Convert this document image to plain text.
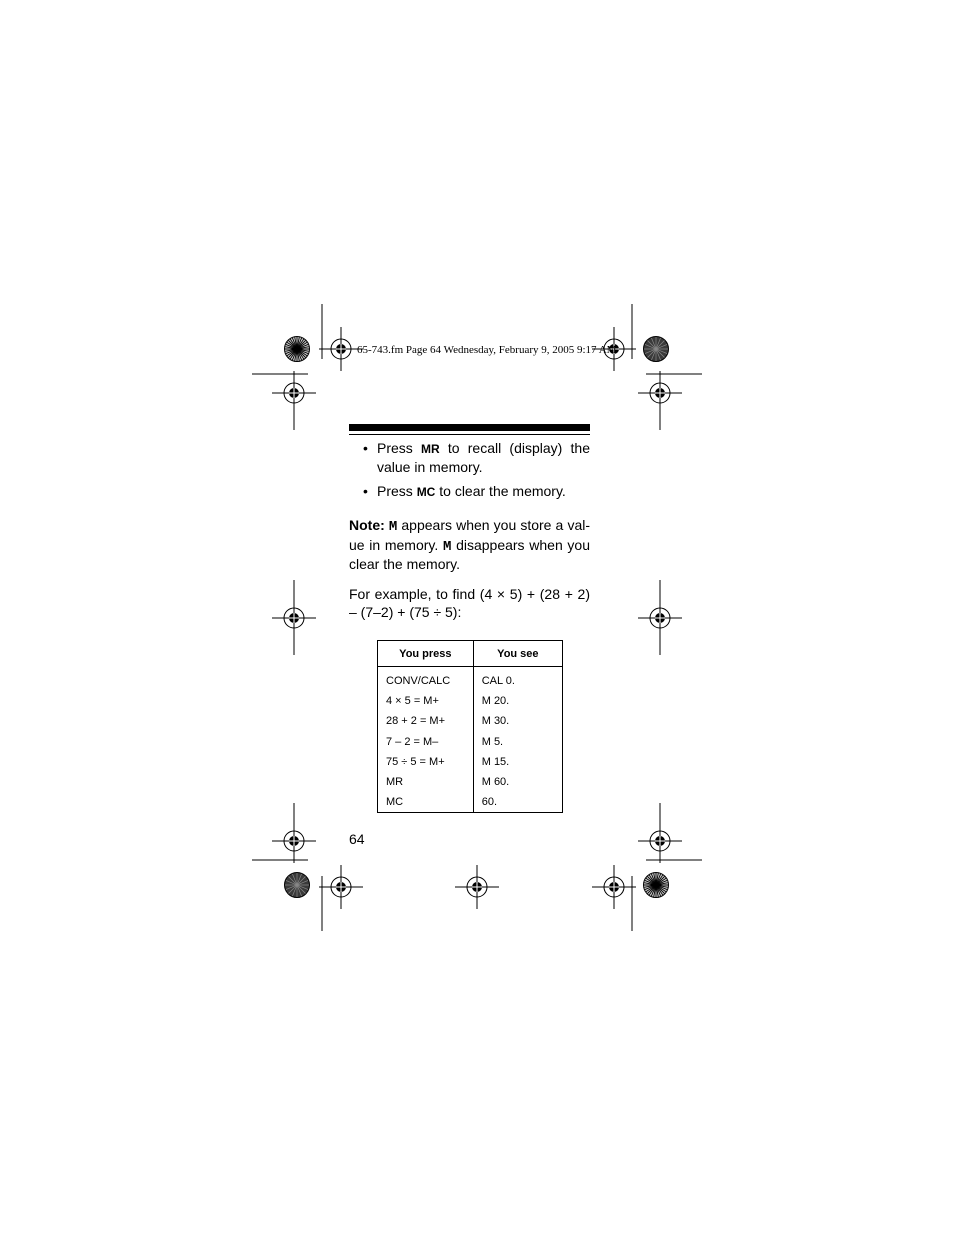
65-743.fm Page 64 Wednesday, February 9, 2005 9:17 AM
• Press MR to recall (display) the value in memory.
• Press MC to clear the memory.
Note: M appears when you store a val- ue in memory. M disappears when you clear the memory.
For example, to find (4 × 5) + (28 + 2) – (7–2) + (75 ÷ 5):
You press	You see
CONV/CALC	CAL 0.
4 × 5 = M+	M 20.
28 + 2 = M+	M 30.
7 – 2 = M–	M 5.
75 ÷ 5 = M+	M 15.
MR	M 60.
MC	60.
64
